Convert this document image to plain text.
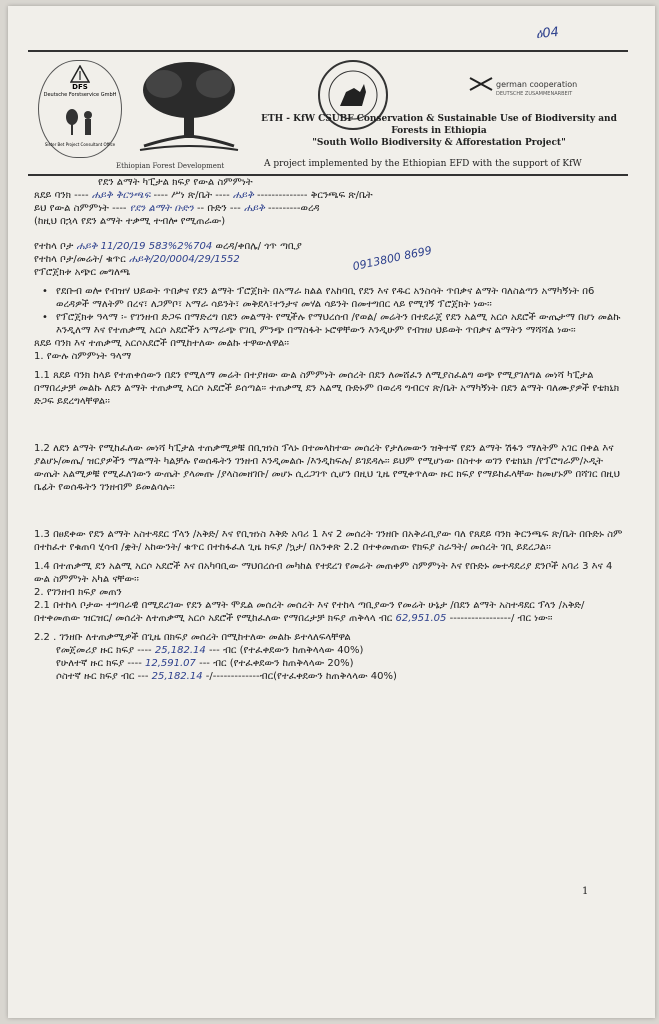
ዕ04
DFS
Deutsche Forstservice GmbH
Sister Bet Project Consultant Office
Ethiopian Forest Development
german cooperation
DEUTSCHE ZUSAMMENARBEIT
ETH - KfW CSUBF Conservation & Sustainable Use of Biodiversity and
Forests in Ethiopia
"South Wollo Biodiversity & Afforestation Project"
A project implemented by the Ethiopian EFD with the support of KfW
0913800 8699
የደን ልማት ካፒታል ክፍያ የውል ስምምነት
ጸደይ ባንክ ---- ሐይቅ ቅርንጫፍ ---- ሥነ ጽ/ቤት ---- ሐይቅ -------------- ቅርንጫፍ ጽ/ቤት
ይህ የውል ስምምነት ---- የደን ልማት ቡድን -- ቡድን --- ሐይቅ ---------ወረዳ
(ከዚህ በኋላ የደን ልማት ተቃሚ ተብሎ የሚጠራው)
የተከላ ቦታ ሐይቅ 11/20/19 583%2%704 ወረዳ/ቀበሌ/ ጎጥ ጣቢያ
የተከላ ቦታ/መሬት/ ቁጥር ሐይቅ/20/0004/29/1552
የፕሮጀክቱ አጭር መግለጫ
• የደቡብ ወሎ የብዝሃ ህይወት ጥበቃና የደን ልማት ፕሮጀክት በአማራ ክልል የአከባቢ የደን እና የዱር አንስሳት ጥበቃና ልማት ባለስልጣን አማካኝነት በ6 ወረዳዎች ማለትም በረና፣ ለጋምቦ፣ አማራ ሳይንት፣ መቅደላ፣ተንታና መሃል ሳይንት በመተግበር ላይ የሚገኝ ፕሮጀክት ነው፡፡
• የፕሮጀክቱ ዓላማ ፡- የገንዘብ ድጋፍ በማድረግ በደን መልማት የሚችሉ የማህረሰብ /የወል/ መሬትን በተደራጀ የደን አልሚ አርሶ አደሮች ውጤታማ በሆነ መልኩ እንዲለማ እና የተጠቃሚ አርሶ አደሮችን አማራጭ የገቢ ምንጭ በማስፋት ኑሮዋቸውን እንዲሁም የብዝሀ ህይወት ጥበቃና ልማትን ማሻሻል ነው፡፡
ጸደይ ባንክ እና ተጠቃሚ አርሶአደሮች በሚከተለው መልኩ ተዋውለዋል፡፡
1. የውሉ ስምምነት ዓላማ

1.1 ጸደይ ባንክ ከላይ የተጠቀሰውን በደን የሚለማ መሬት በተያዘው ውል ስምምነት መሰረት በደን ለመሸፈን ለሚያስፈልግ ወጭ የሚያገለግል መነሻ ካፒታል በማበረታቻ መልኩ ለደን ልማት ተጠቃሚ አርሶ አደሮች ይሰጣል፡፡ ተጠቃሚ ደን አልሚ ቡድኑም በወረዳ ግብርና ጽ/ቤት አማካኝነት በደን ልማት ባለሙያዎች የቴክኒክ ድጋፍ ይደረግላቸዋል፡፡

1.2 ለደን ልማት የሚከፈለው መነሻ ካፒታል ተጠቃሚዎቹ በቢዝነስ ፕላኑ በተመላከተው መሰረት የታለመውን ዝቅተኛ የደን ልማት ሽፋን ማለትም አገር በቀል እና ያልሆኑ/መጤ/ ዝርያዎችን ማልማት ካልቻሉ የወሰዱትን ገንዘብ እንዲመልሱ /እንዲከፍሉ/ ይገደዳሉ፡፡ ይህም የሚሆነው በስተቱ ወገን የቴክኒክ /የፕሮግራም/ኦዲት ውጤት አልሚዎቹ የሚፈለገውን ውጤት ያላመጡ /ያላስመዘገቡ/ መሆኑ ሲረጋገጥ ሲሆን በዚህ ጊዜ የሚቀጥለው ዙር ክፍያ የማይከፈላቸው ከመሆኑም በሻገር በዚህ ቤፊት የወሰዱትን ገንዘብም ይመልሳሉ፡፡

1.3 በፀደቀው የደን ልማት አስተዳደር ፕላን /አቅድ/ እና የቢዝነስ እቅድ አባሪ 1 እና 2 መሰረት ገንዘቡ በአቅራቢያው ባለ የጸደይ ባንክ ቅርንጫፍ ጽ/ቤት በቡድኑ ስም በተከፈተ የቁጠባ ሂሳብ /ቋት/ አከውንት/ ቁጥር በተከፋፈለ ጊዜ ክፍያ /ኳታ/ በአንቀጽ 2.2 በተቀመጠው የክፍያ ስራዓት/ መሰረት ገቢ ይደረጋል፡፡

1.4 በተጠቃሚ ደን አልሚ አርሶ አደሮች እና በአካባቢው ማህበረሰብ መካከል የተደረገ የመሬት መጠቀም ስምምነት እና የቡድኑ መተዳደሪያ ደንቦች አባሪ 3 እና 4 ውል ስምምነት አካል ናቸው፡፡

2. የገንዘብ ክፍያ መጠን

2.1 በተከላ ቦታው ተግባራዊ በሚደረገው የደን ልማት ሞዴል መሰረት መሰረት እና የተከላ ጣቢያውን የመሬት ሁኔታ /በደን ልማት አስተዳደር ፕላን /አቅድ/ በተቀመጠው ዝርዝር/ መሰረት ለተጠቃሚ አርሶ አደሮች የሚከፈለው የማበረታቻ ክፍያ ጠቅላላ ብር 62,951.05 -----------------/ ብር ነው፡፡

2.2 . ገንዘቡ ለተጠቃሚዎች በጊዜ በክፍያ መሰረት በሚከተለው መልኩ ይተላለፍላቸዋል
የመጀመሪያ ዙር ክፍያ ---- 25,182.14 --- ብር (የተፈቀደውን ከጠቅላላው 40%)
የሁለተኛ ዙር ክፍያ ---- 12,591.07 --- ብር (የተፈቀደውን ከጠቅላላው 20%)
ሶስተኛ ዙር ክፍያ ብር --- 25,182.14 -/-------------ብር(የተፈቀደውን ከጠቅላላው 40%)
1
